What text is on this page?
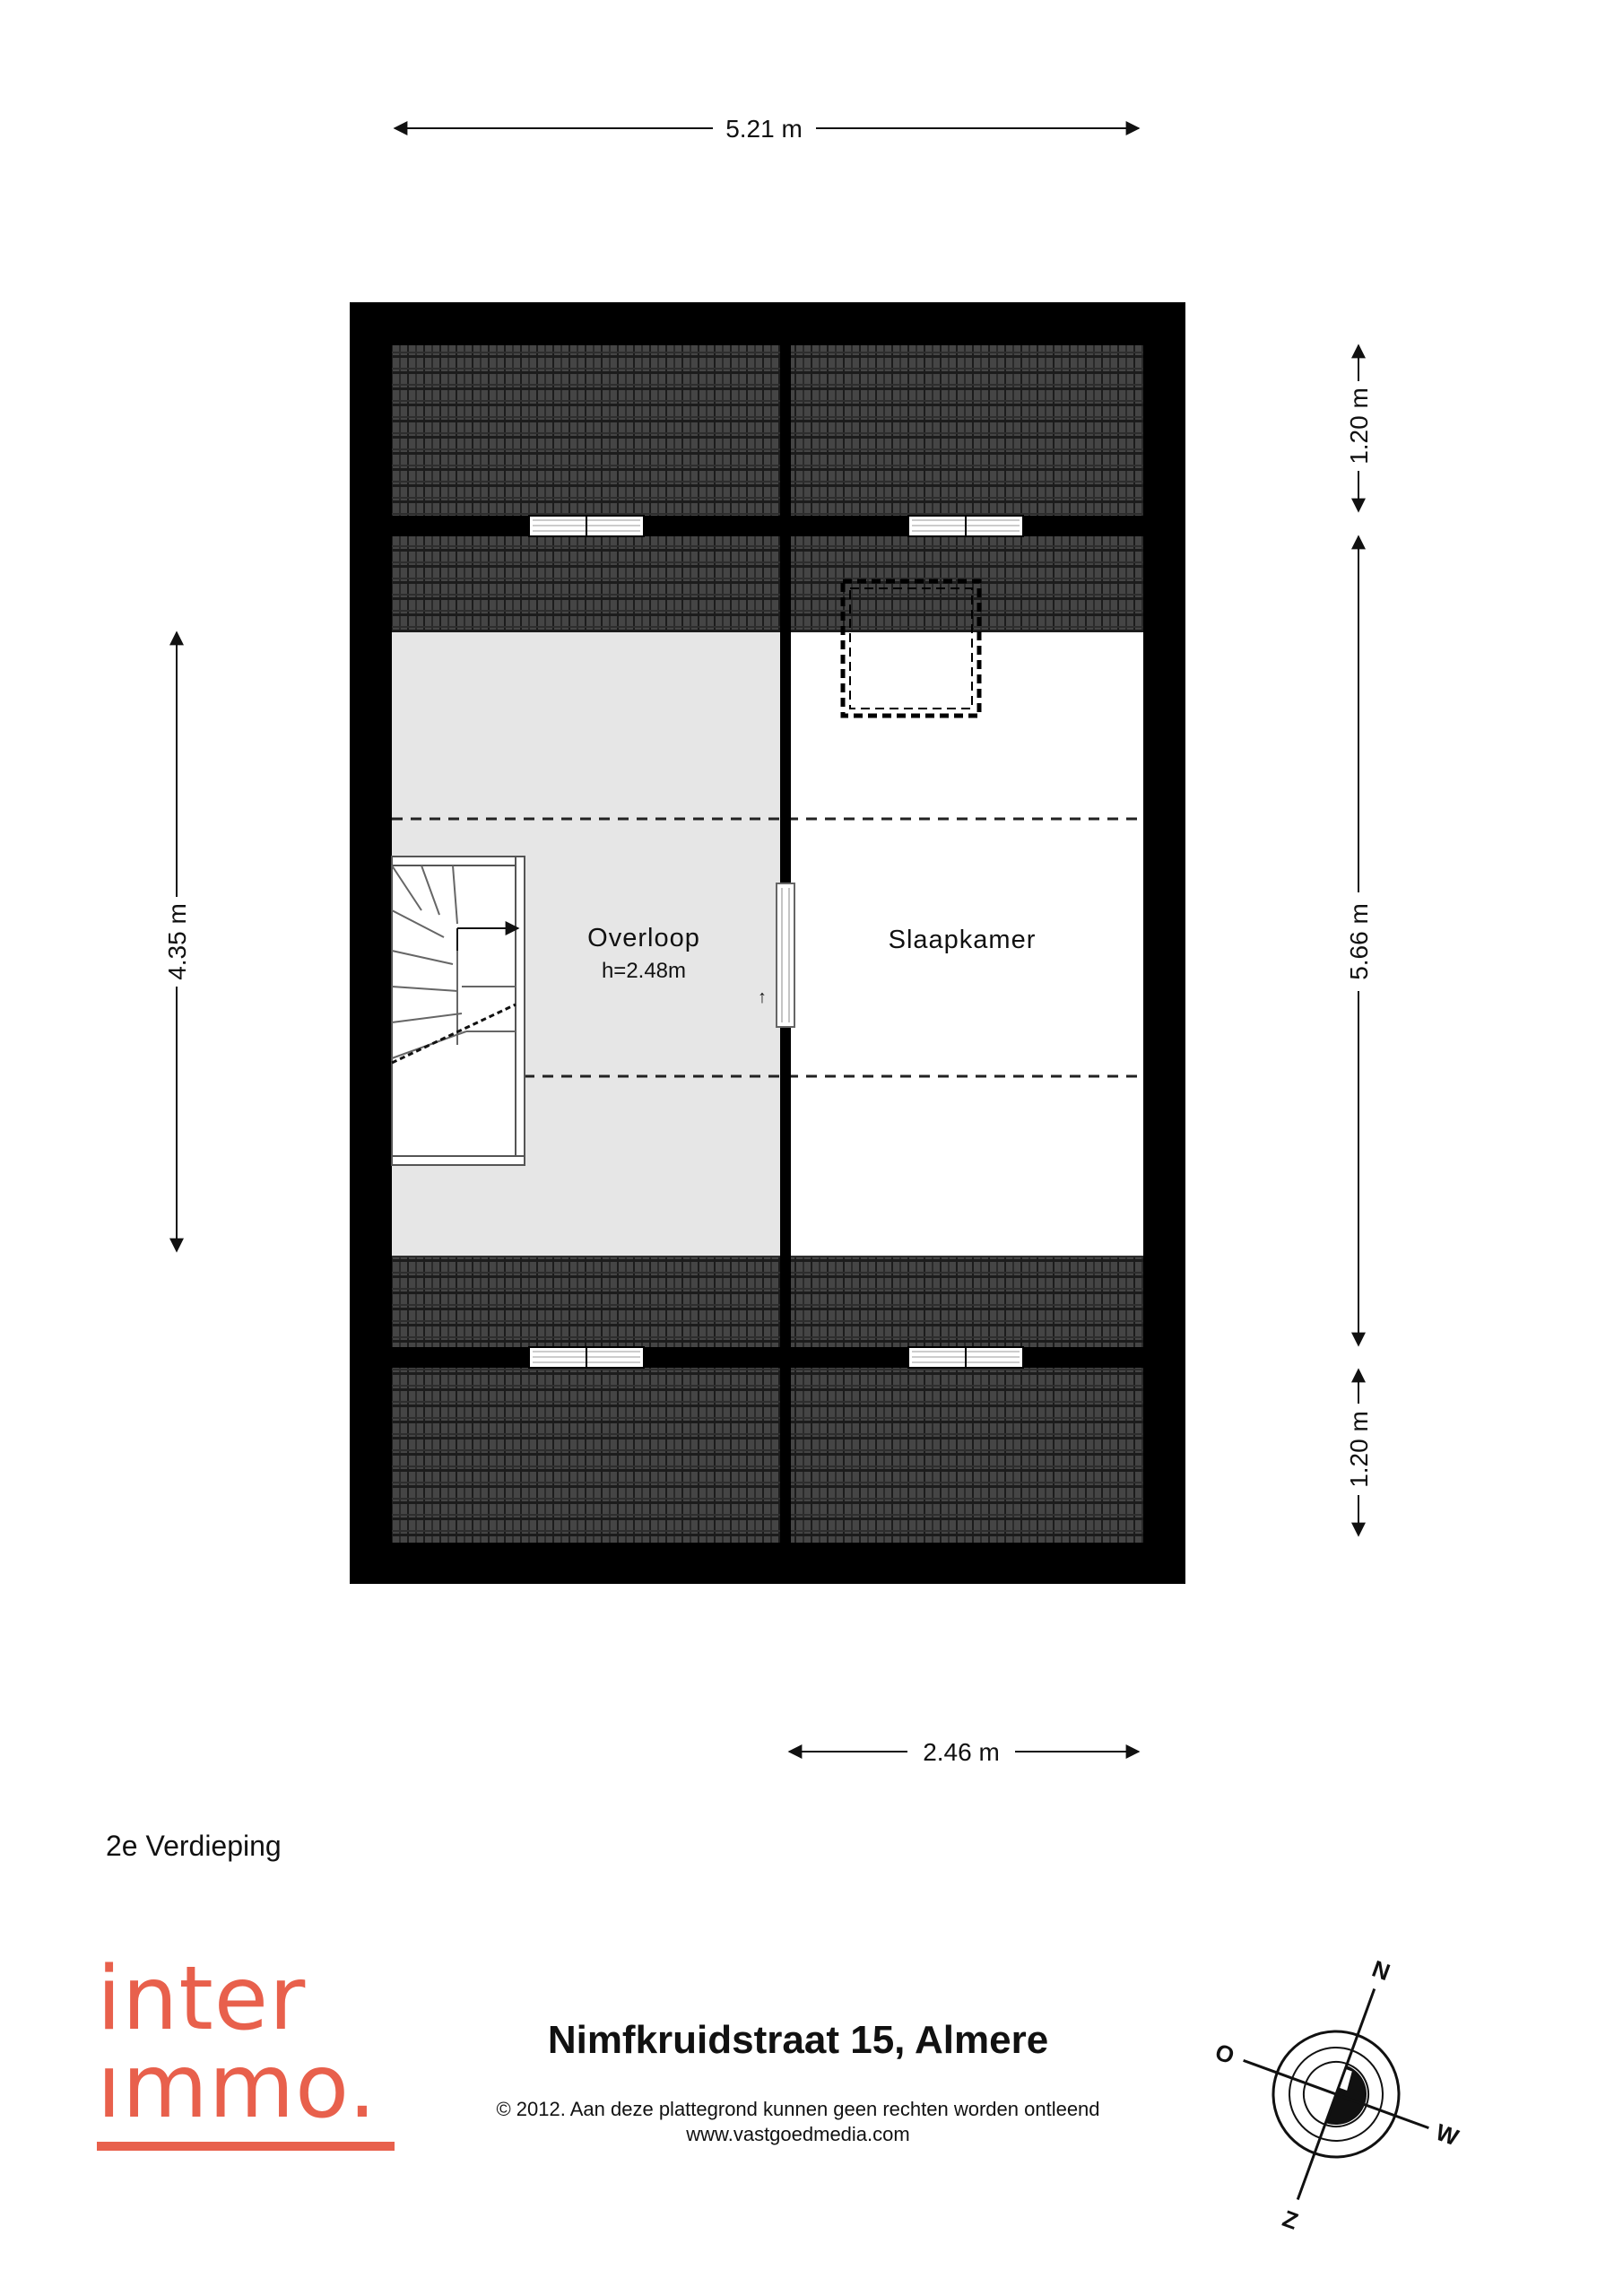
↑
Overloop
h=2.48m
Slaapkamer
5.21 m
2.46 m
4.35 m
1.20 m
5.66 m
1.20 m
N
Z
O
W
2e Verdieping
inter
ımmo.	Nimfkruidstraat 15, Almere
© 2012. Aan deze plattegrond kunnen geen rechten worden ontleend
www.vastgoedmedia.com
